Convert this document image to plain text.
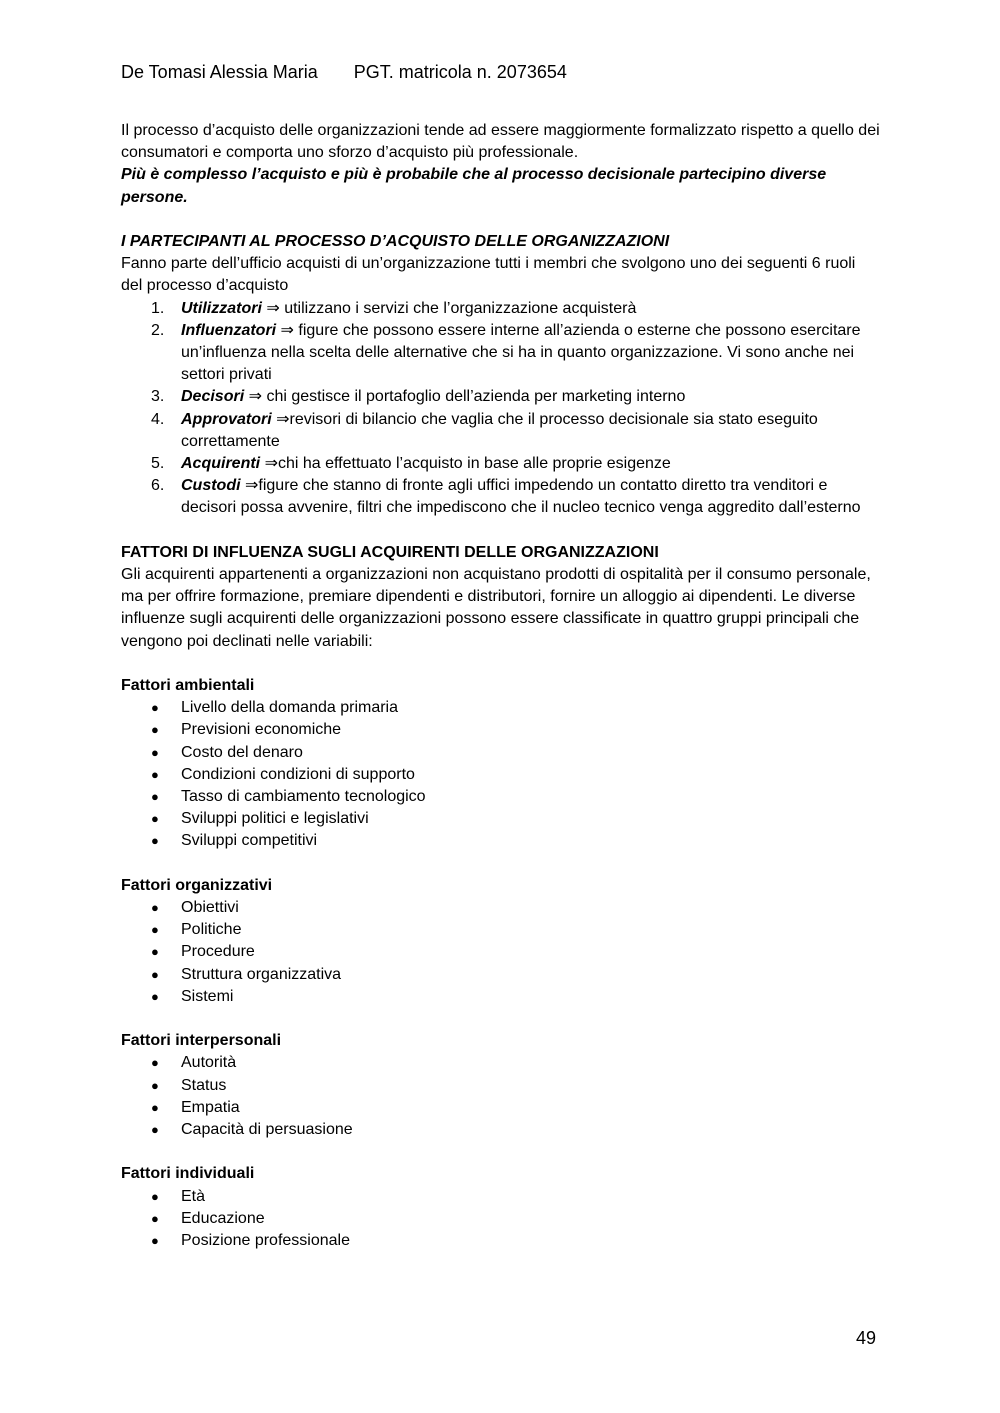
De Tomasi Alessia Maria PGT. matricola n. 2073654

Il processo d’acquisto delle organizzazioni tende ad essere maggiormente formalizzato rispetto a quello dei consumatori e comporta uno sforzo d’acquisto più professionale.

Più è complesso l’acquisto e più è probabile che al processo decisionale partecipino diverse persone.

I PARTECIPANTI AL PROCESSO D’ACQUISTO DELLE ORGANIZZAZIONI

Fanno parte dell’ufficio acquisti di un’organizzazione tutti i membri che svolgono uno dei seguenti 6 ruoli del processo d’acquisto

1.	Utilizzatori ⇒ utilizzano i servizi che l’organizzazione acquisterà
2.	Influenzatori ⇒ figure che possono essere interne all’azienda o esterne che possono esercitare un’influenza nella scelta delle alternative che si ha in quanto organizzazione. Vi sono anche nei settori privati
3.	Decisori ⇒ chi gestisce il portafoglio dell’azienda per marketing interno
4.	Approvatori ⇒revisori di bilancio che vaglia che il processo decisionale sia stato eseguito correttamente
5.	Acquirenti ⇒chi ha effettuato l’acquisto in base alle proprie esigenze
6.	Custodi ⇒figure che stanno di fronte agli uffici impedendo un contatto diretto tra venditori e decisori possa avvenire, filtri che impediscono che il nucleo tecnico venga aggredito dall’esterno

FATTORI DI INFLUENZA SUGLI ACQUIRENTI DELLE ORGANIZZAZIONI

Gli acquirenti appartenenti a organizzazioni non acquistano prodotti di ospitalità per il consumo personale, ma per offrire formazione, premiare dipendenti e distributori, fornire un alloggio ai dipendenti. Le diverse influenze sugli acquirenti delle organizzazioni possono essere classificate in quattro gruppi principali che vengono poi declinati nelle variabili:

Fattori ambientali

● Livello della domanda primaria
● Previsioni economiche
● Costo del denaro
● Condizioni condizioni di supporto
● Tasso di cambiamento tecnologico
● Sviluppi politici e legislativi
● Sviluppi competitivi

Fattori organizzativi

● Obiettivi
● Politiche
● Procedure
● Struttura organizzativa
● Sistemi

Fattori interpersonali

● Autorità
● Status
● Empatia
● Capacità di persuasione

Fattori individuali

● Età
● Educazione
● Posizione professionale
49
